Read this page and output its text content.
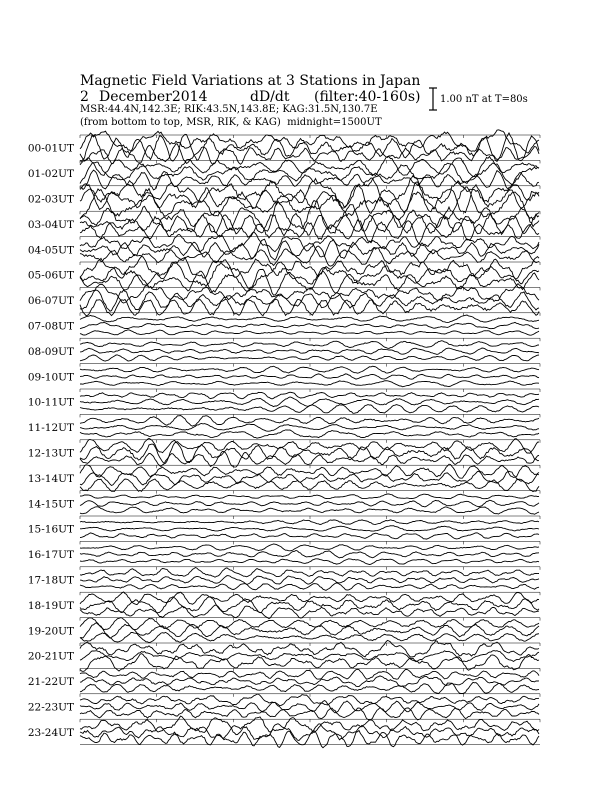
Magnetic Field Variations at 3 Stations in Japan
2 December2014	dD/dt (filter:40-160s)
MSR:44.4N,142.3E; RIK:43.5N,143.8E; KAG:31.5N,130.7E
(from bottom to top, MSR, RIK, & KAG) midnight=1500UT
1.00 nT at T=80s
00-01UT
01-02UT
02-03UT
03-04UT
04-05UT
05-06UT
06-07UT
07-08UT
08-09UT
09-10UT
10-11UT
11-12UT
12-13UT
13-14UT
14-15UT
15-16UT
16-17UT
17-18UT
18-19UT
19-20UT
20-21UT
21-22UT
22-23UT
23-24UT
